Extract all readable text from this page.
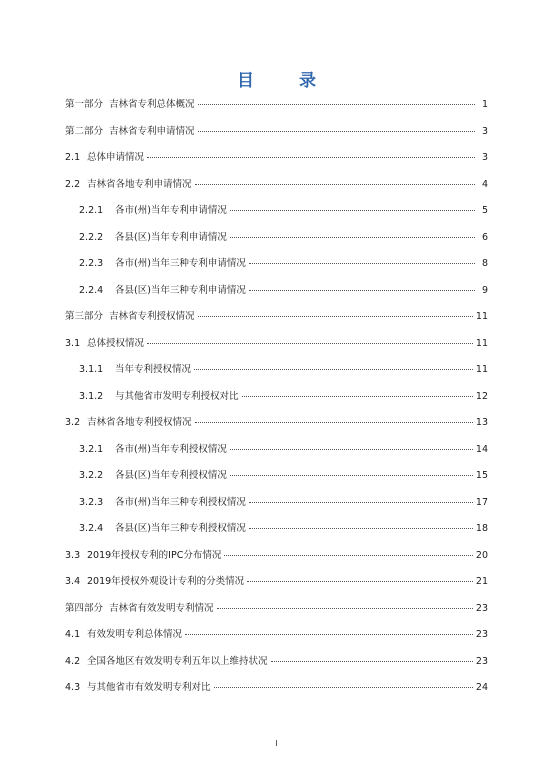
目　录
第一部分 吉林省专利总体概况	1
第二部分 吉林省专利申请情况	3
2.1 总体申请情况	3
2.2 吉林省各地专利申请情况	4
2.2.1	各市(州)当年专利申请情况	5
2.2.2	各县(区)当年专利申请情况	6
2.2.3	各市(州)当年三种专利申请情况	8
2.2.4	各县(区)当年三种专利申请情况	9
第三部分 吉林省专利授权情况	11
3.1 总体授权情况	11
3.1.1	当年专利授权情况	11
3.1.2	与其他省市发明专利授权对比	12
3.2 吉林省各地专利授权情况	13
3.2.1	各市(州)当年专利授权情况	14
3.2.2	各县(区)当年专利授权情况	15
3.2.3	各市(州)当年三种专利授权情况	17
3.2.4	各县(区)当年三种专利授权情况	18
3.3 2019年授权专利的IPC分布情况	20
3.4 2019年授权外观设计专利的分类情况	21
第四部分 吉林省有效发明专利情况	23
4.1 有效发明专利总体情况	23
4.2 全国各地区有效发明专利五年以上维持状况	23
4.3 与其他省市有效发明专利对比	24
I
